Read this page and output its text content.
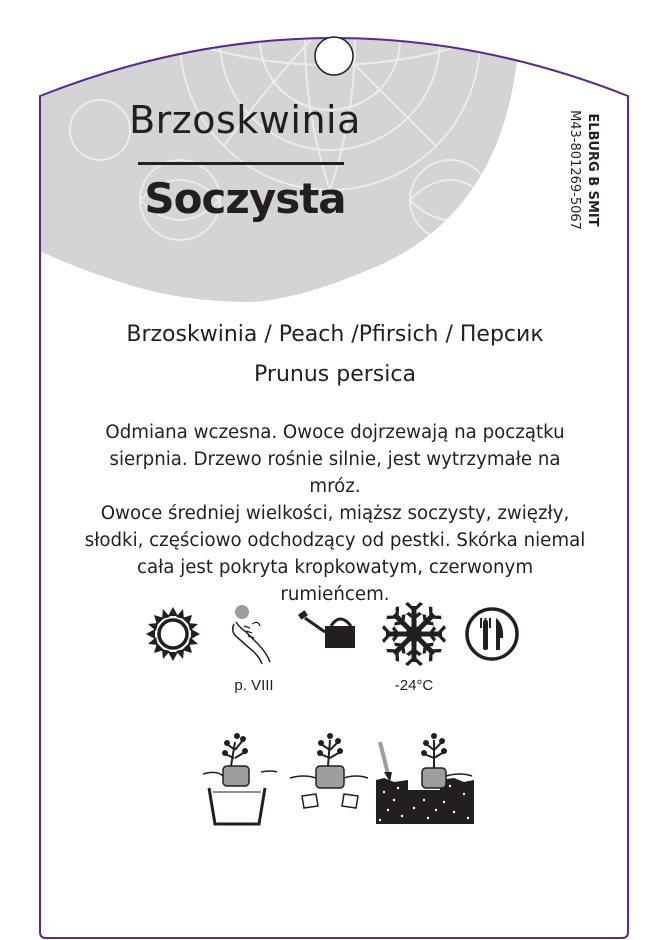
Brzoskwinia
Soczysta	ELBURG B SMIT
M43-801269-5067
Brzoskwinia / Peach /Pfirsich / Персик
Prunus persica
Odmiana wczesna. Owoce dojrzewają na początku
sierpnia. Drzewo rośnie silnie, jest wytrzymałe na mróz.
Owoce średniej wielkości, miąższ soczysty, zwięzły,
słodki, częściowo odchodzący od pestki. Skórka niemal
cała jest pokryta kropkowatym, czerwonym rumieńcem.
p. VIII	-24°C
